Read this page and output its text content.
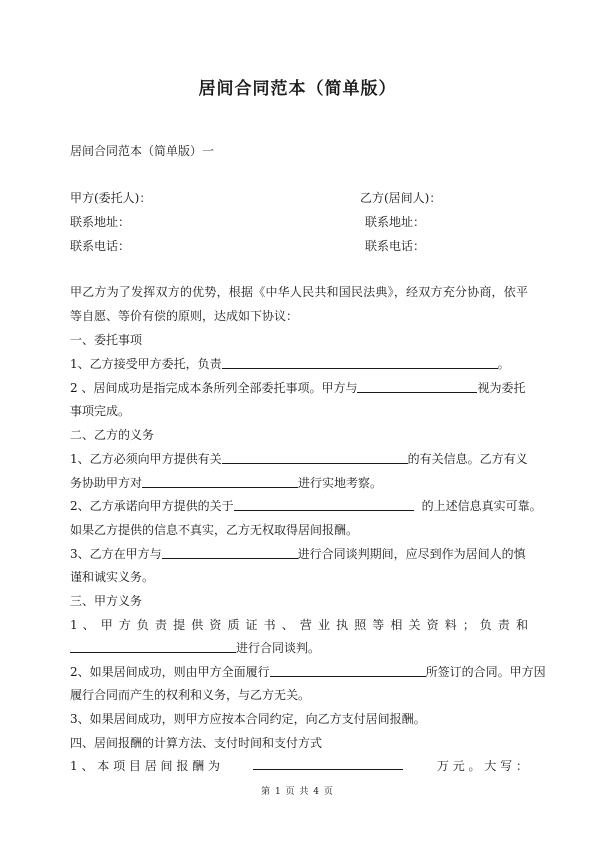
居间合同范本（简单版）
居间合同范本（简单版）一
甲方(委托人)：	乙方(居间人)：
联系地址：	联系地址：
联系电话：	联系电话：
甲乙方为了发挥双方的优势，根据《中华人民共和国民法典》，经双方充分协商，依平
等自愿、等价有偿的原则，达成如下协议：
一、委托事项
1、乙方接受甲方委托，负责	。
2 、居间成功是指完成本条所列全部委托事项。甲方与	视为委托
事项完成。
二、乙方的义务
1、乙方必须向甲方提供有关	的有关信息。乙方有义
务协助甲方对	进行实地考察。
2、乙方承诺向甲方提供的关于	的上述信息真实可靠。
如果乙方提供的信息不真实，乙方无权取得居间报酬。
3、乙方在甲方与	进行合同谈判期间，应尽到作为居间人的慎
谨和诚实义务。
三、甲方义务
1 、 甲 方 负 责 提 供 资 质 证 书 、 营 业 执 照 等 相 关 资 料 ； 负 责 和
进行合同谈判。
2、如果居间成功，则由甲方全面履行	所签订的合同。甲方因
履行合同而产生的权利和义务，与乙方无关。
3、如果居间成功，则甲方应按本合同约定，向乙方支付居间报酬。
四、居间报酬的计算方法、支付时间和支付方式
1 、 本 项 目 居 间 报 酬 为	万 元 。 大 写 ：
第 1 页 共 4 页
